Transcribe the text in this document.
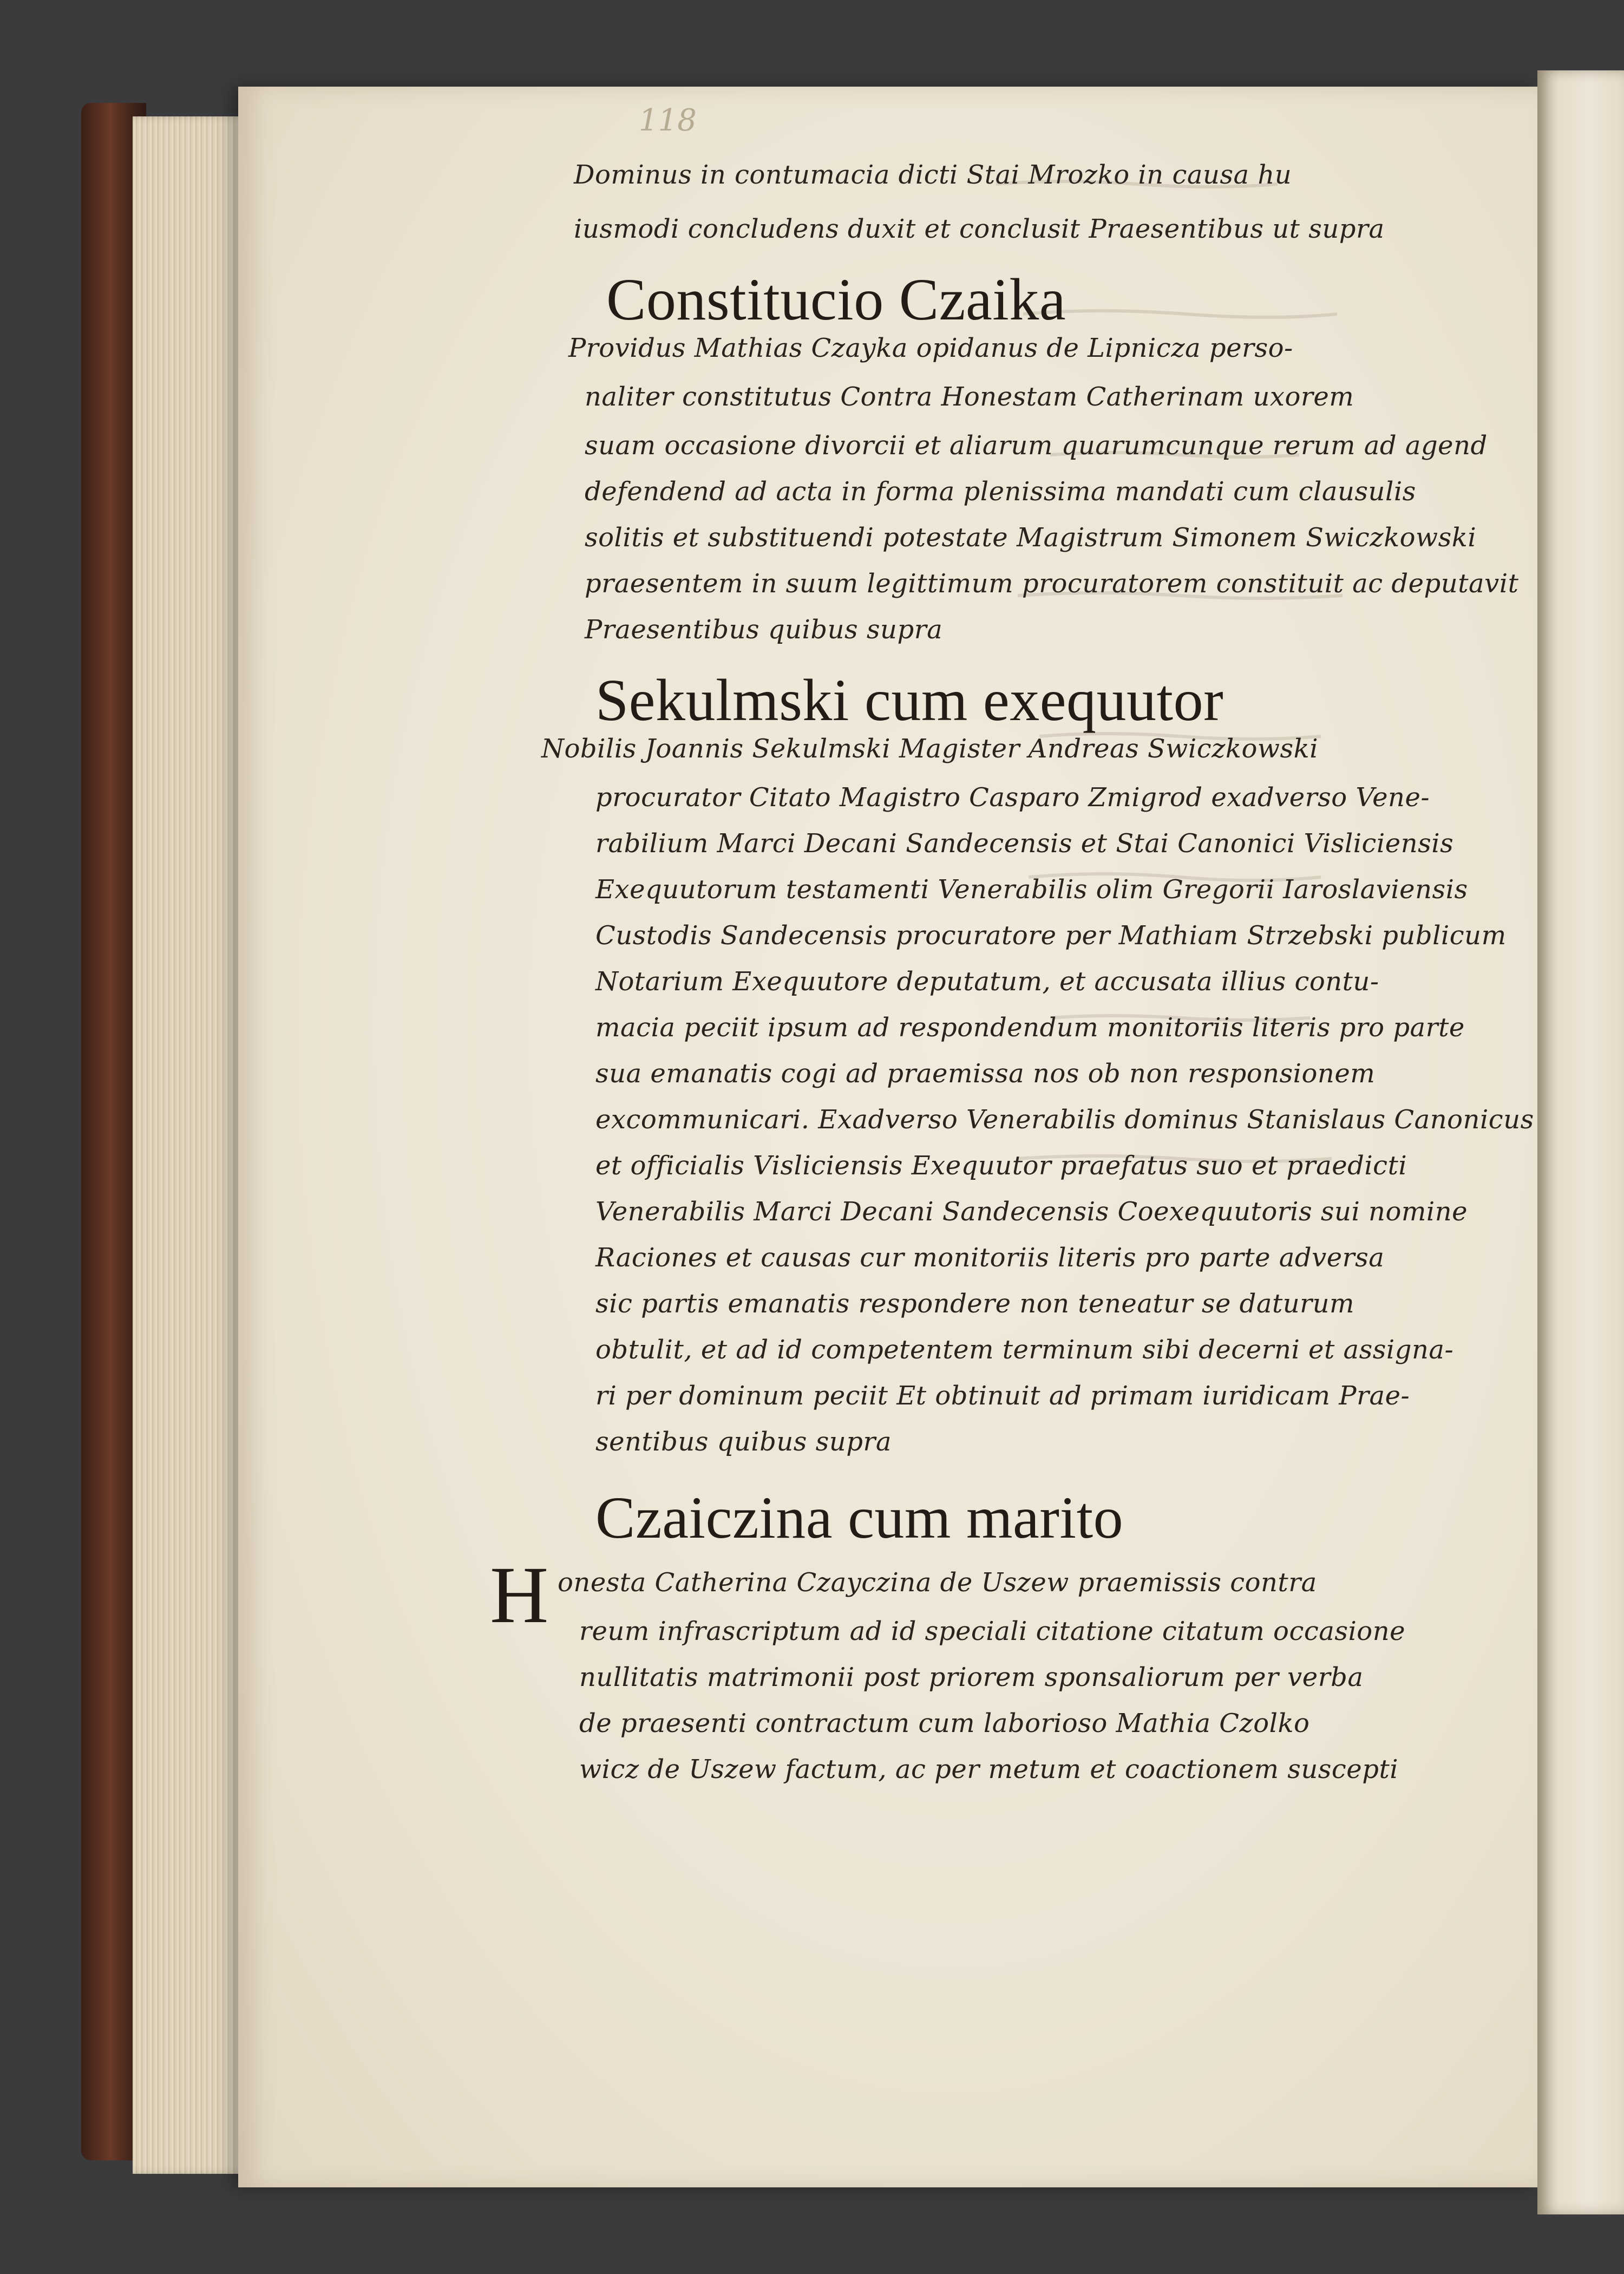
118
Dominus in contumacia dicti Stai Mrozko in causa hu
iusmodi concludens duxit et conclusit Praesentibus ut supra
Constitucio Czaika
Providus Mathias Czayka opidanus de Lipnicza perso-
naliter constitutus Contra Honestam Catherinam uxorem
suam occasione divorcii et aliarum quarumcunque rerum ad agend
defendend ad acta in forma plenissima mandati cum clausulis
solitis et substituendi potestate Magistrum Simonem Swiczkowski
praesentem in suum legittimum procuratorem constituit ac deputavit
Praesentibus quibus supra
Sekulmski cum exequutor
Nobilis Joannis Sekulmski Magister Andreas Swiczkowski
procurator Citato Magistro Casparo Zmigrod exadverso Vene-
rabilium Marci Decani Sandecensis et Stai Canonici Visliciensis
Exequutorum testamenti Venerabilis olim Gregorii Iaroslaviensis
Custodis Sandecensis procuratore per Mathiam Strzebski publicum
Notarium Exequutore deputatum, et accusata illius contu-
macia peciit ipsum ad respondendum monitoriis literis pro parte
sua emanatis cogi ad praemissa nos ob non responsionem
excommunicari. Exadverso Venerabilis dominus Stanislaus Canonicus
et officialis Visliciensis Exequutor praefatus suo et praedicti
Venerabilis Marci Decani Sandecensis Coexequutoris sui nomine
Raciones et causas cur monitoriis literis pro parte adversa
sic partis emanatis respondere non teneatur se daturum
obtulit, et ad id competentem terminum sibi decerni et assigna-
ri per dominum peciit Et obtinuit ad primam iuridicam Prae-
sentibus quibus supra
Czaiczina cum marito
H onesta Catherina Czayczina de Uszew praemissis contra
reum infrascriptum ad id speciali citatione citatum occasione
nullitatis matrimonii post priorem sponsaliorum per verba
de praesenti contractum cum laborioso Mathia Czolko
wicz de Uszew factum, ac per metum et coactionem suscepti
